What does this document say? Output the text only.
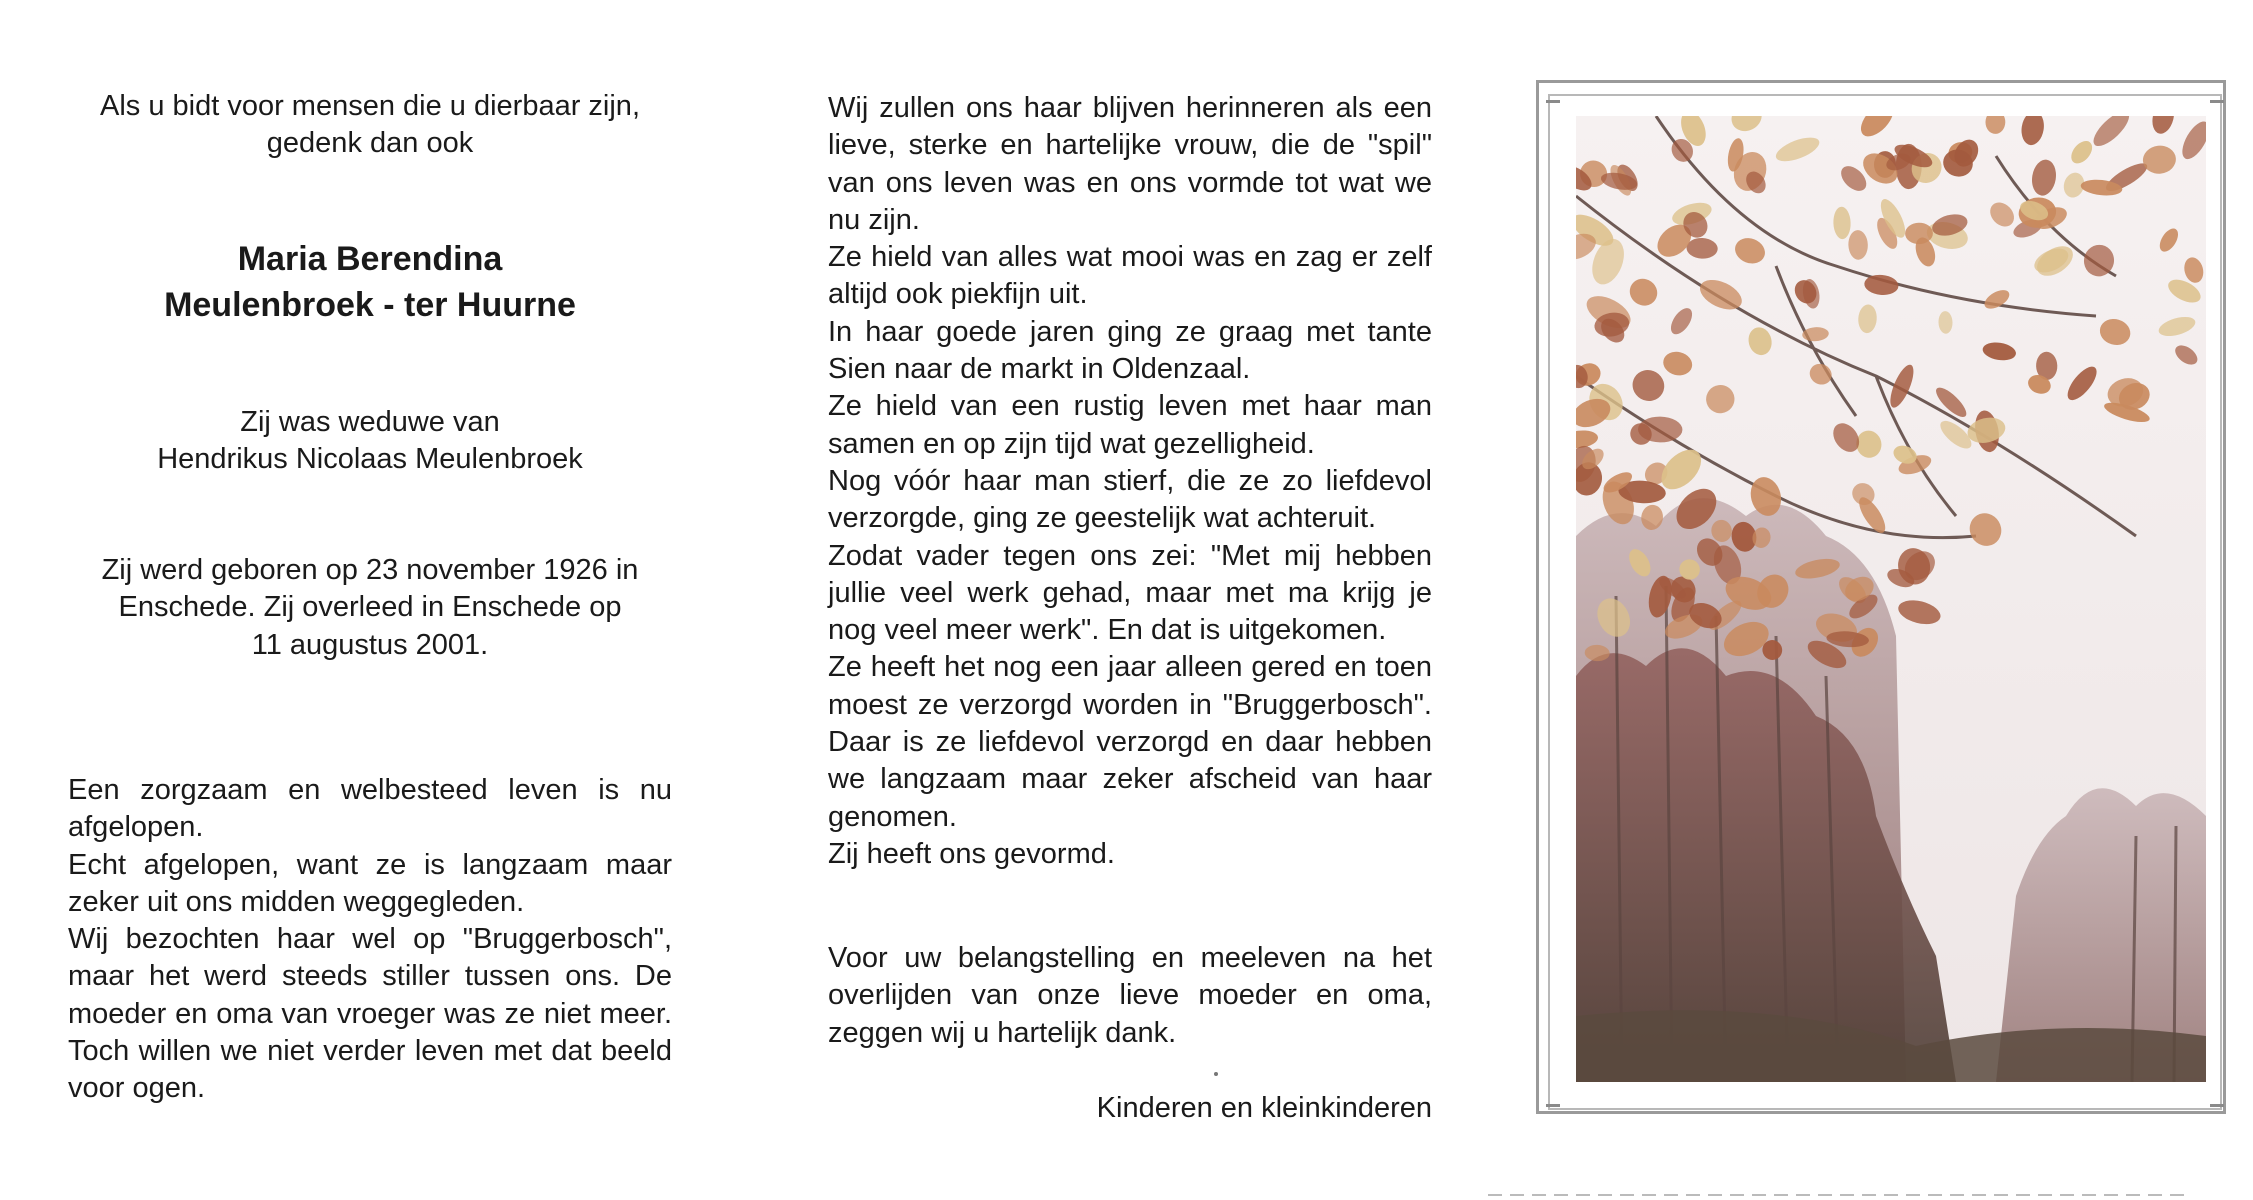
Als u bidt voor mensen die u dierbaar zijn,
gedenk dan ook

Maria Berendina

Meulenbroek - ter Huurne

Zij was weduwe van
Hendrikus Nicolaas Meulenbroek

Zij werd geboren op 23 november 1926 in
Enschede. Zij overleed in Enschede op
11 augustus 2001.

Een zorgzaam en welbesteed leven is nu afgelopen.

Echt afgelopen, want ze is langzaam maar zeker uit ons midden weggegleden.

Wij bezochten haar wel op "Bruggerbosch", maar het werd steeds stiller tussen ons. De moeder en oma van vroeger was ze niet meer. Toch willen we niet verder leven met dat beeld voor ogen.

Wij zullen ons haar blijven herinneren als een lieve, sterke en hartelijke vrouw, die de "spil" van ons leven was en ons vormde tot wat we nu zijn.

Ze hield van alles wat mooi was en zag er zelf altijd ook piekfijn uit.

In haar goede jaren ging ze graag met tante Sien naar de markt in Oldenzaal.

Ze hield van een rustig leven met haar man samen en op zijn tijd wat gezelligheid.

Nog vóór haar man stierf, die ze zo liefdevol verzorgde, ging ze geestelijk wat achteruit.

Zodat vader tegen ons zei: "Met mij hebben jullie veel werk gehad, maar met ma krijg je nog veel meer werk". En dat is uitgekomen.

Ze heeft het nog een jaar alleen gered en toen moest ze verzorgd worden in "Bruggerbosch". Daar is ze liefdevol verzorgd en daar hebben we langzaam maar zeker afscheid van haar genomen.

Zij heeft ons gevormd.

Voor uw belangstelling en meeleven na het overlijden van onze lieve moeder en oma, zeggen wij u hartelijk dank.

Kinderen en kleinkinderen
